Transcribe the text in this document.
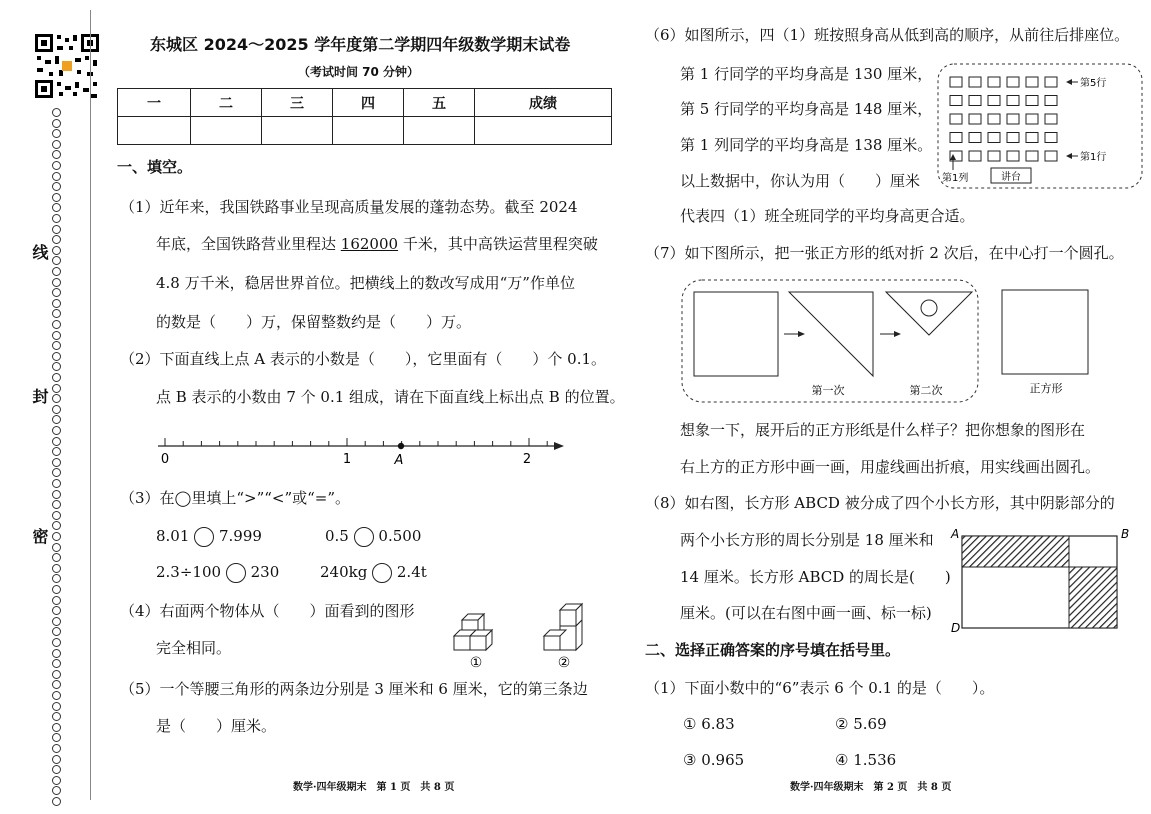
线
封
密
东城区 2024～2025 学年度第二学期四年级数学期末试卷
（考试时间 70 分钟）
一	二	三	四	五	成绩

一、填空。
（1）近年来，我国铁路事业呈现高质量发展的蓬勃态势。截至 2024
年底，全国铁路营业里程达 162000 千米，其中高铁运营里程突破
4.8 万千米，稳居世界首位。把横线上的数改写成用“万”作单位
的数是（　　）万，保留整数约是（　　）万。
（2）下面直线上点 A 表示的小数是（　　），它里面有（　　）个 0.1。
点 B 表示的小数由 7 个 0.1 组成，请在下面直线上标出点 B 的位置。
0	1	A	2
（3）在◯里填上“>”“<”或“=”。
8.01 7.999	0.5 0.500
2.3÷100 230	240kg 2.4t
（4）右面两个物体从（　　）面看到的图形
完全相同。
①	②
（5）一个等腰三角形的两条边分别是 3 厘米和 6 厘米，它的第三条边
是（　　）厘米。
数学·四年级期末　第 1 页　共 8 页
（6）如图所示，四（1）班按照身高从低到高的顺序，从前往后排座位。
第 1 行同学的平均身高是 130 厘米，
第 5 行同学的平均身高是 148 厘米，
第 1 列同学的平均身高是 138 厘米。
以上数据中，你认为用（　　）厘米
代表四（1）班全班同学的平均身高更合适。
第5行
第1行
第1列	讲台
（7）如下图所示，把一张正方形的纸对折 2 次后，在中心打一个圆孔。
第一次	第二次	正方形
想象一下，展开后的正方形纸是什么样子？把你想象的图形在
右上方的正方形中画一画，用虚线画出折痕，用实线画出圆孔。
（8）如右图，长方形 ABCD 被分成了四个小长方形，其中阴影部分的
两个小长方形的周长分别是 18 厘米和
14 厘米。长方形 ABCD 的周长是(　　)
厘米。(可以在右图中画一画、标一标)
A	B
D
二、选择正确答案的序号填在括号里。
（1）下面小数中的“6”表示 6 个 0.1 的是（　　）。
① 6.83	② 5.69
③ 0.965	④ 1.536
数学·四年级期末　第 2 页　共 8 页
